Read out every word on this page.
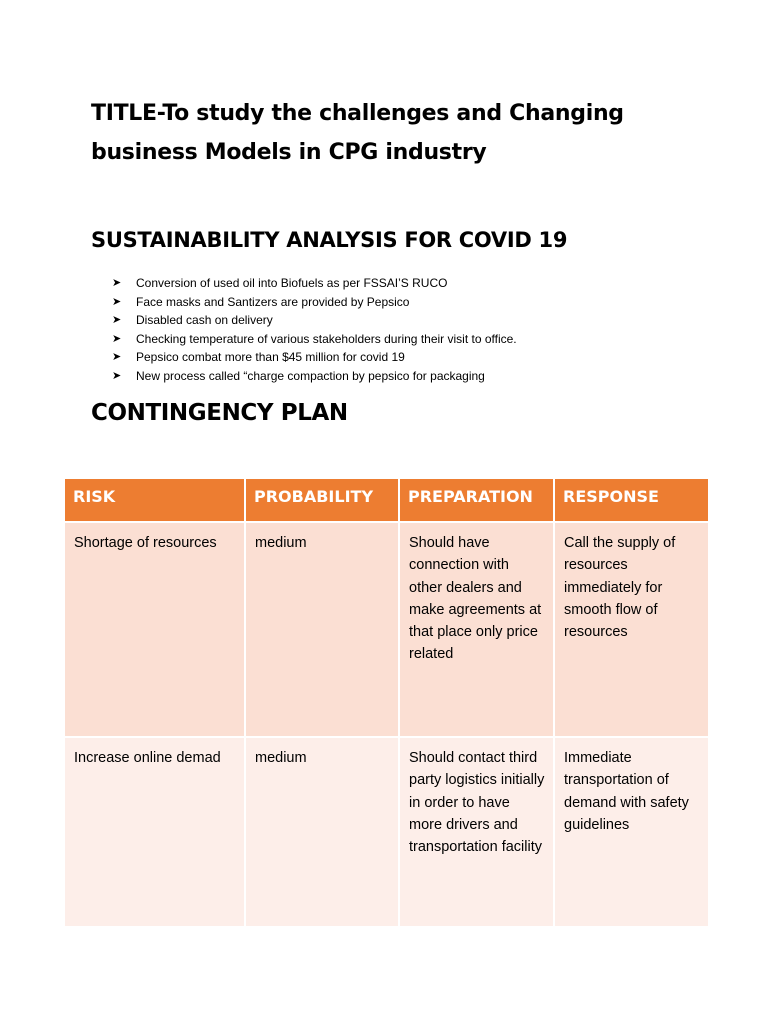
TITLE-To study the challenges and Changing
business Models in CPG industry
SUSTAINABILITY ANALYSIS FOR COVID 19
➤	Conversion of used oil into Biofuels as per FSSAI’S RUCO
➤	Face masks and Santizers are provided by Pepsico
➤	Disabled cash on delivery
➤	Checking temperature of various stakeholders during their visit to office.
➤	Pepsico combat more than $45 million for covid 19
➤	New process called “charge compaction by pepsico for packaging
CONTINGENCY PLAN
RISK	PROBABILITY	PREPARATION	RESPONSE
Shortage of resources	medium	Should have connection with other dealers and make agreements at that place only price related	Call the supply of resources immediately for smooth flow of resources
Increase online demad	medium	Should contact third party logistics initially in order to have more drivers and transportation facility	Immediate transportation of demand with safety guidelines
